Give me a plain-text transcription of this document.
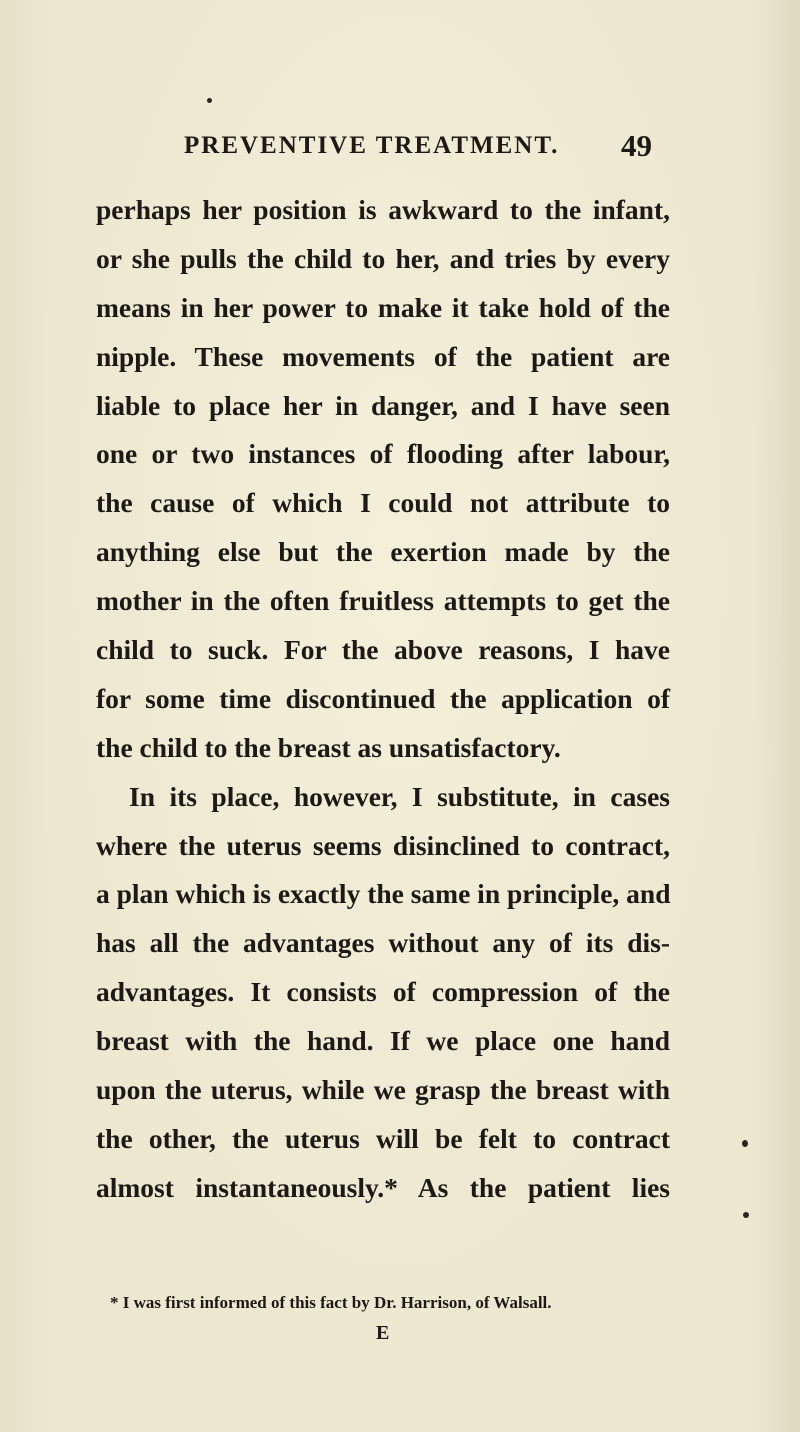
PREVENTIVE TREATMENT. 49
perhaps her position is awkward to the infant,
or she pulls the child to her, and tries by every
means in her power to make it take hold of the
nipple. These movements of the patient are
liable to place her in danger, and I have seen
one or two instances of flooding after labour,
the cause of which I could not attribute to
anything else but the exertion made by the
mother in the often fruitless attempts to get the
child to suck. For the above reasons, I have
for some time discontinued the application of
the child to the breast as unsatisfactory.
In its place, however, I substitute, in cases
where the uterus seems disinclined to contract,
a plan which is exactly the same in principle, and
has all the advantages without any of its dis-
advantages. It consists of compression of the
breast with the hand. If we place one hand
upon the uterus, while we grasp the breast with
the other, the uterus will be felt to contract
almost instantaneously.* As the patient lies
* I was first informed of this fact by Dr. Harrison, of Walsall.
E
